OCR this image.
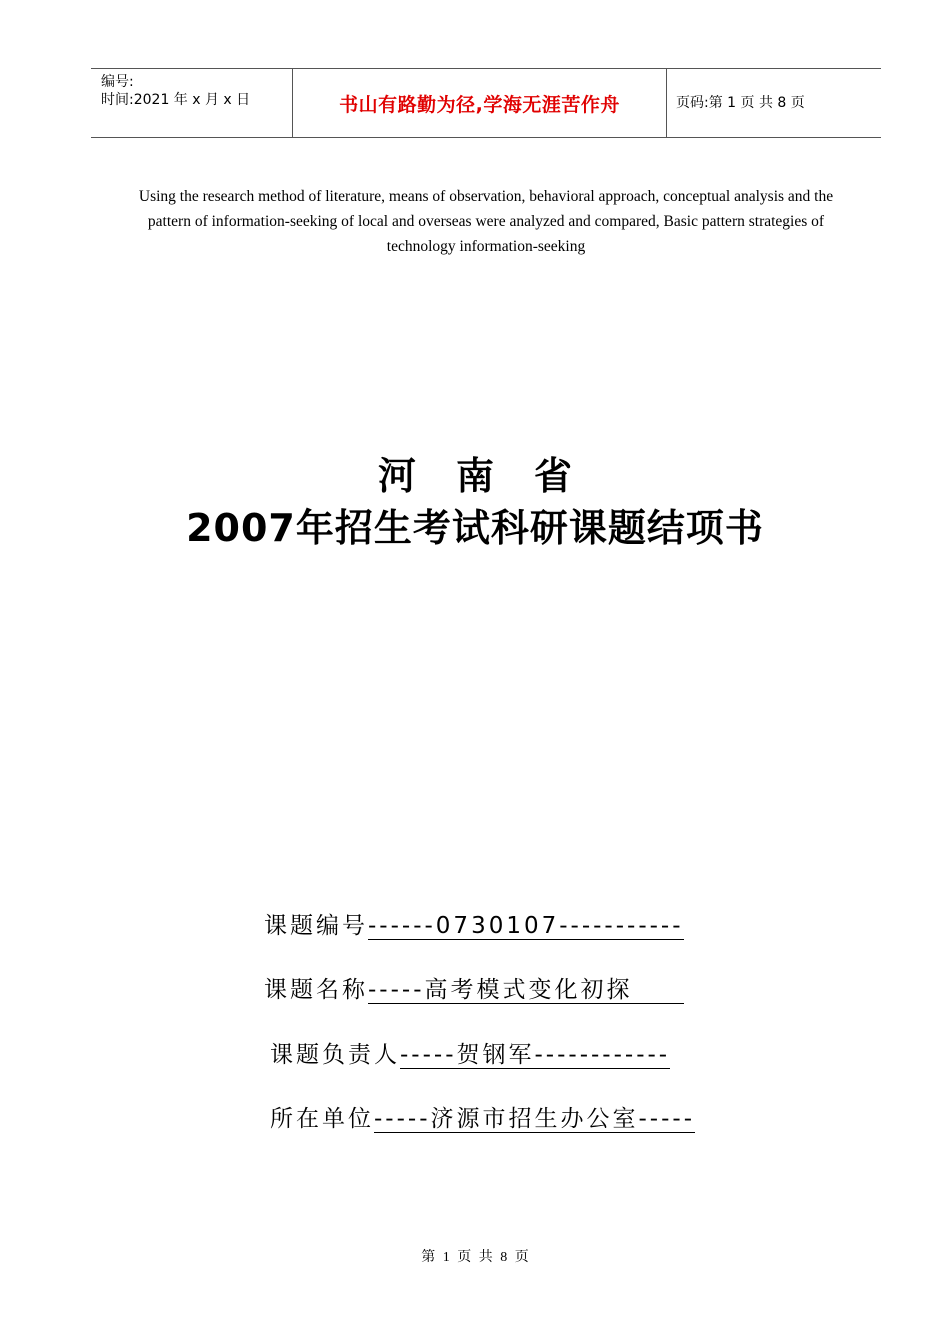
编号:
时间:2021 年 x 月 x 日	书山有路勤为径,学海无涯苦作舟	页码:第 1 页 共 8 页
Using the research method of literature, means of observation, behavioral approach, conceptual analysis and the pattern of information-seeking of local and overseas were analyzed and compared, Basic pattern strategies of technology information-seeking
河南省
2007年招生考试科研课题结项书
课题编号------0730107-----------
课题名称-----高考模式变化初探
课题负责人-----贺钢军------------
所在单位-----济源市招生办公室-----
第 1 页 共 8 页
